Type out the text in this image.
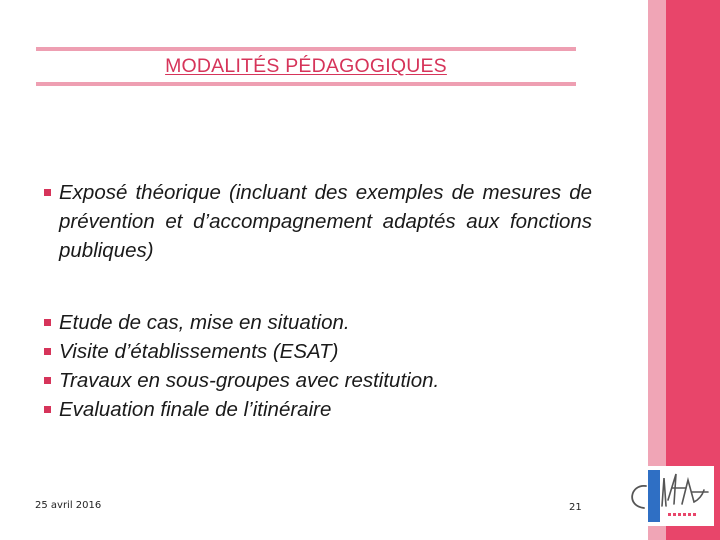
MODALITÉS PÉDAGOGIQUES
Exposé théorique (incluant des exemples de mesures de prévention et d’accompagnement adaptés aux fonctions publiques)
Etude de cas, mise en situation.
Visite d’établissements (ESAT)
Travaux en sous-groupes avec restitution.
Evaluation finale de l’itinéraire
25 avril 2016	21
